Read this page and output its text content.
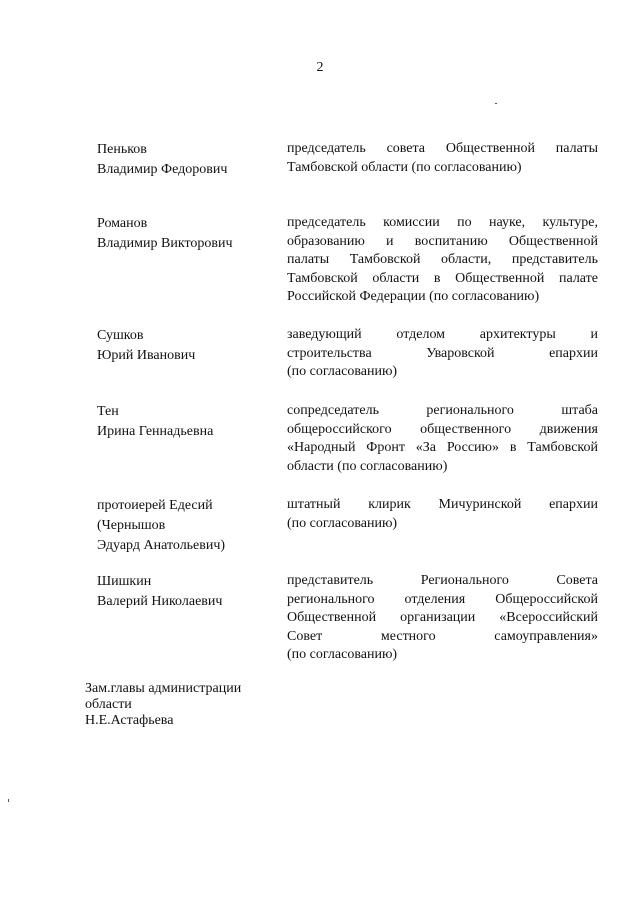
2
Пеньков
Владимир Федорович
председатель совета Общественной палаты
Тамбовской области (по согласованию)
Романов
Владимир Викторович
председатель комиссии по науке, культуре,
образованию и воспитанию Общественной
палаты Тамбовской области, представитель
Тамбовской области в Общественной палате
Российской Федерации (по согласованию)
Сушков
Юрий Иванович
заведующий отделом архитектуры и
строительства Уваровской епархии
(по согласованию)
Тен
Ирина Геннадьевна
сопредседатель регионального штаба
общероссийского общественного движения
«Народный Фронт «За Россию» в Тамбовской
области (по согласованию)
протоиерей Едесий
(Чернышов
Эдуард Анатольевич)
штатный клирик Мичуринской епархии
(по согласованию)
Шишкин
Валерий Николаевич
представитель Регионального Совета
регионального отделения Общероссийской
Общественной организации «Всероссийский
Совет местного самоуправления»
(по согласованию)
Зам.главы администрации
области
Н.Е.Астафьева
